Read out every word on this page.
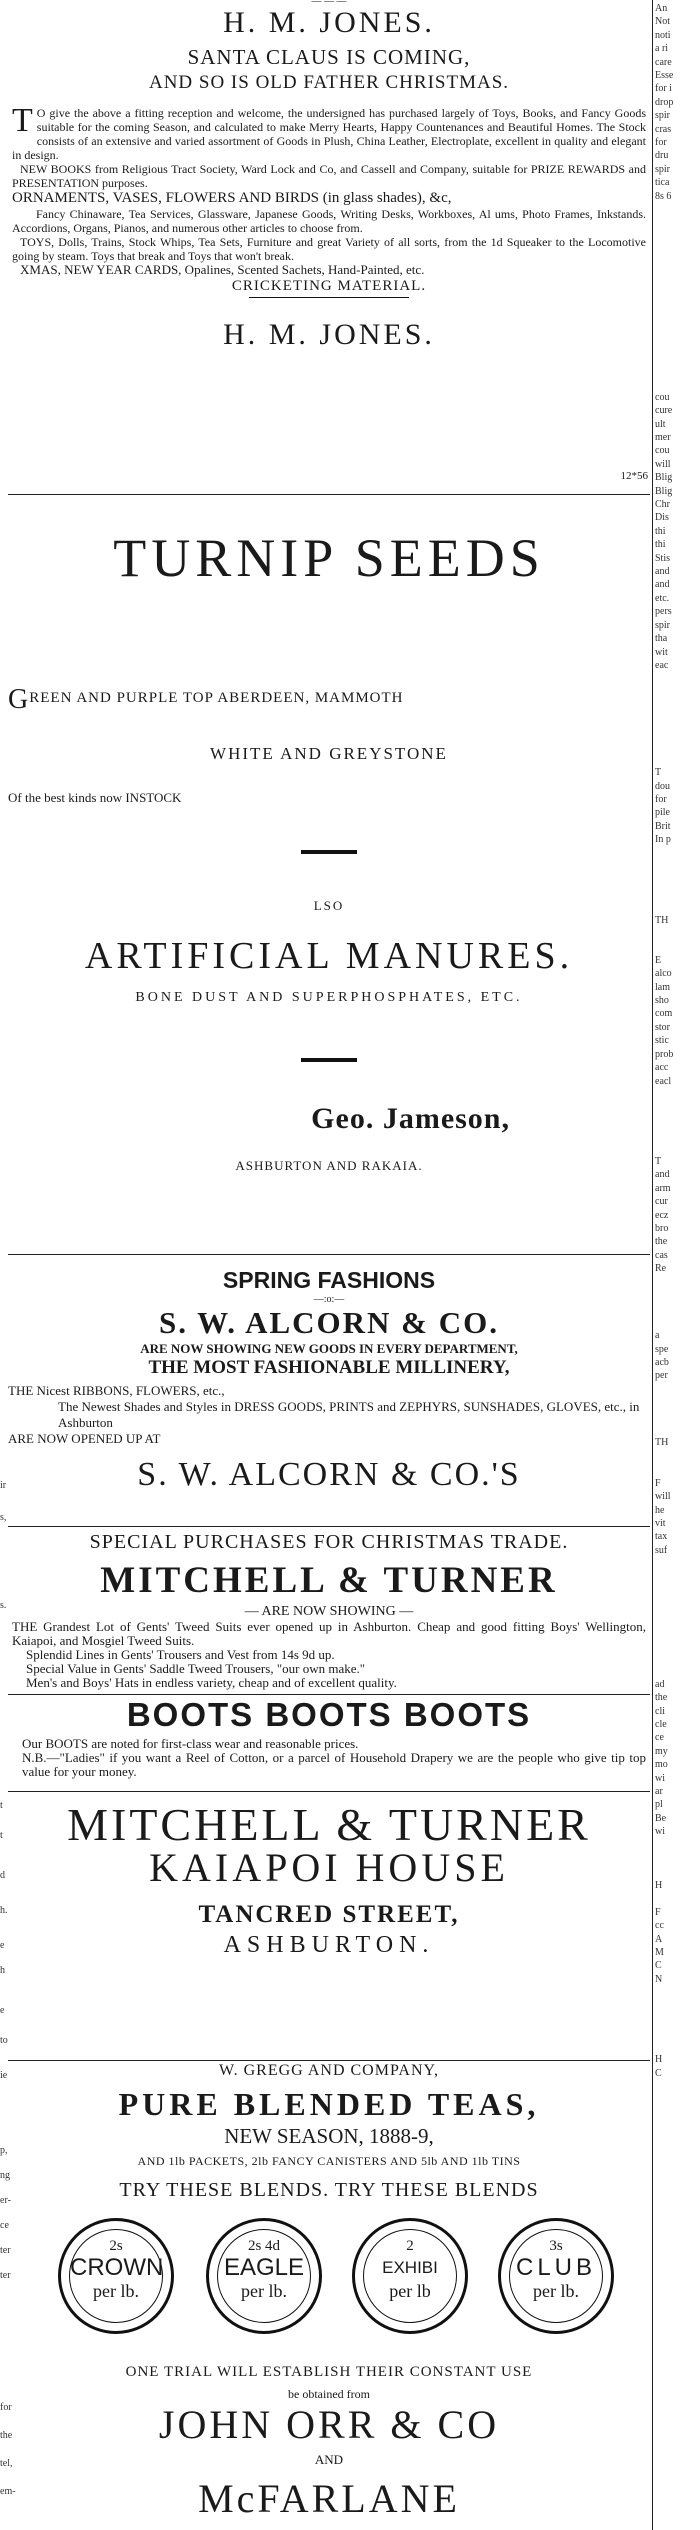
An
Not
noti
a ri
care
Esse
for i
drop
spir
cras
for
dru
spir
tica
8s 6

cou
cure
ult
mer
cou
will
Blig
Blig
Chr
Dis
thi
thi
Stis
and
and
etc.
pers
spir
tha
wit
eac

T
dou
for
pile
Brit
In p

TH

E
alco
lam
sho
com
stor
stic
prob
acc
eacl

T
and
arm
cur
ecz
bro
the
cas
Re

a
spe
acb
per

TH

F
will
he
vit
tax
suf

ad
the
cli
cle
ce
my
mo
wi
ar
pl
Be
wi

H

F
cc
A
M
C
N

H
C

ir
s,
s.
t
t
d
h.
e
h
e
to
ie
p,
ng
er-
ce
ter
ter
for
the
tel,
em-
— — —
H. M. JONES.
SANTA CLAUS IS COMING,
AND SO IS OLD FATHER CHRISTMAS.
T O give the above a fitting reception and welcome, the undersigned has purchased largely of Toys, Books, and Fancy Goods suitable for the coming Season, and calculated to make Merry Hearts, Happy Countenances and Beautiful Homes. The Stock consists of an extensive and varied assortment of Goods in Plush, China Leather, Electroplate, excellent in quality and elegant in design.
NEW BOOKS from Religious Tract Society, Ward Lock and Co, and Cassell and Company, suitable for PRIZE REWARDS and PRESENTATION purposes.
ORNAMENTS, VASES, FLOWERS AND BIRDS (in glass shades), &c,
Fancy Chinaware, Tea Services, Glassware, Japanese Goods, Writing Desks, Workboxes, Al ums, Photo Frames, Inkstands. Accordions, Organs, Pianos, and numerous other articles to choose from.
TOYS, Dolls, Trains, Stock Whips, Tea Sets, Furniture and great Variety of all sorts, from the 1d Squeaker to the Locomotive going by steam. Toys that break and Toys that won't break.
XMAS, NEW YEAR CARDS, Opalines, Scented Sachets, Hand-Painted, etc.
CRICKETING MATERIAL.
H. M. JONES.
12*56
TURNIP SEEDS
GREEN AND PURPLE TOP ABERDEEN, MAMMOTH
WHITE AND GREYSTONE
Of the best kinds now INSTOCK
LSO
ARTIFICIAL MANURES.
BONE DUST AND SUPERPHOSPHATES, ETC.
Geo. Jameson,
ASHBURTON AND RAKAIA.
SPRING FASHIONS
—:o:—
S. W. ALCORN & CO.
ARE NOW SHOWING NEW GOODS IN EVERY DEPARTMENT,
THE MOST FASHIONABLE MILLINERY,
THE Nicest RIBBONS, FLOWERS, etc.,
The Newest Shades and Styles in DRESS GOODS, PRINTS and ZEPHYRS, SUNSHADES, GLOVES, etc., in Ashburton
ARE NOW OPENED UP AT
S. W. ALCORN & CO.'S
SPECIAL PURCHASES FOR CHRISTMAS TRADE.
MITCHELL & TURNER
— ARE NOW SHOWING —
THE Grandest Lot of Gents' Tweed Suits ever opened up in Ashburton. Cheap and good fitting Boys' Wellington, Kaiapoi, and Mosgiel Tweed Suits.
Splendid Lines in Gents' Trousers and Vest from 14s 9d up.
Special Value in Gents' Saddle Tweed Trousers, "our own make."
Men's and Boys' Hats in endless variety, cheap and of excellent quality.
BOOTS BOOTS BOOTS
Our BOOTS are noted for first-class wear and reasonable prices.
N.B.—"Ladies" if you want a Reel of Cotton, or a parcel of Household Drapery we are the people who give tip top value for your money.
MITCHELL & TURNER
KAIAPOI HOUSE
TANCRED STREET,
ASHBURTON.
W. GREGG AND COMPANY,
PURE BLENDED TEAS,
NEW SEASON, 1888-9,
AND 1lb PACKETS, 2lb FANCY CANISTERS AND 5lb AND 1lb TINS
TRY THESE BLENDS. TRY THESE BLENDS
2s
CROWN
per lb.
2s 4d
EAGLE
per lb.
2
EXHIBI
per lb
3s
CLUB
per lb.
ONE TRIAL WILL ESTABLISH THEIR CONSTANT USE
be obtained from
JOHN ORR & CO
AND
McFARLANE
